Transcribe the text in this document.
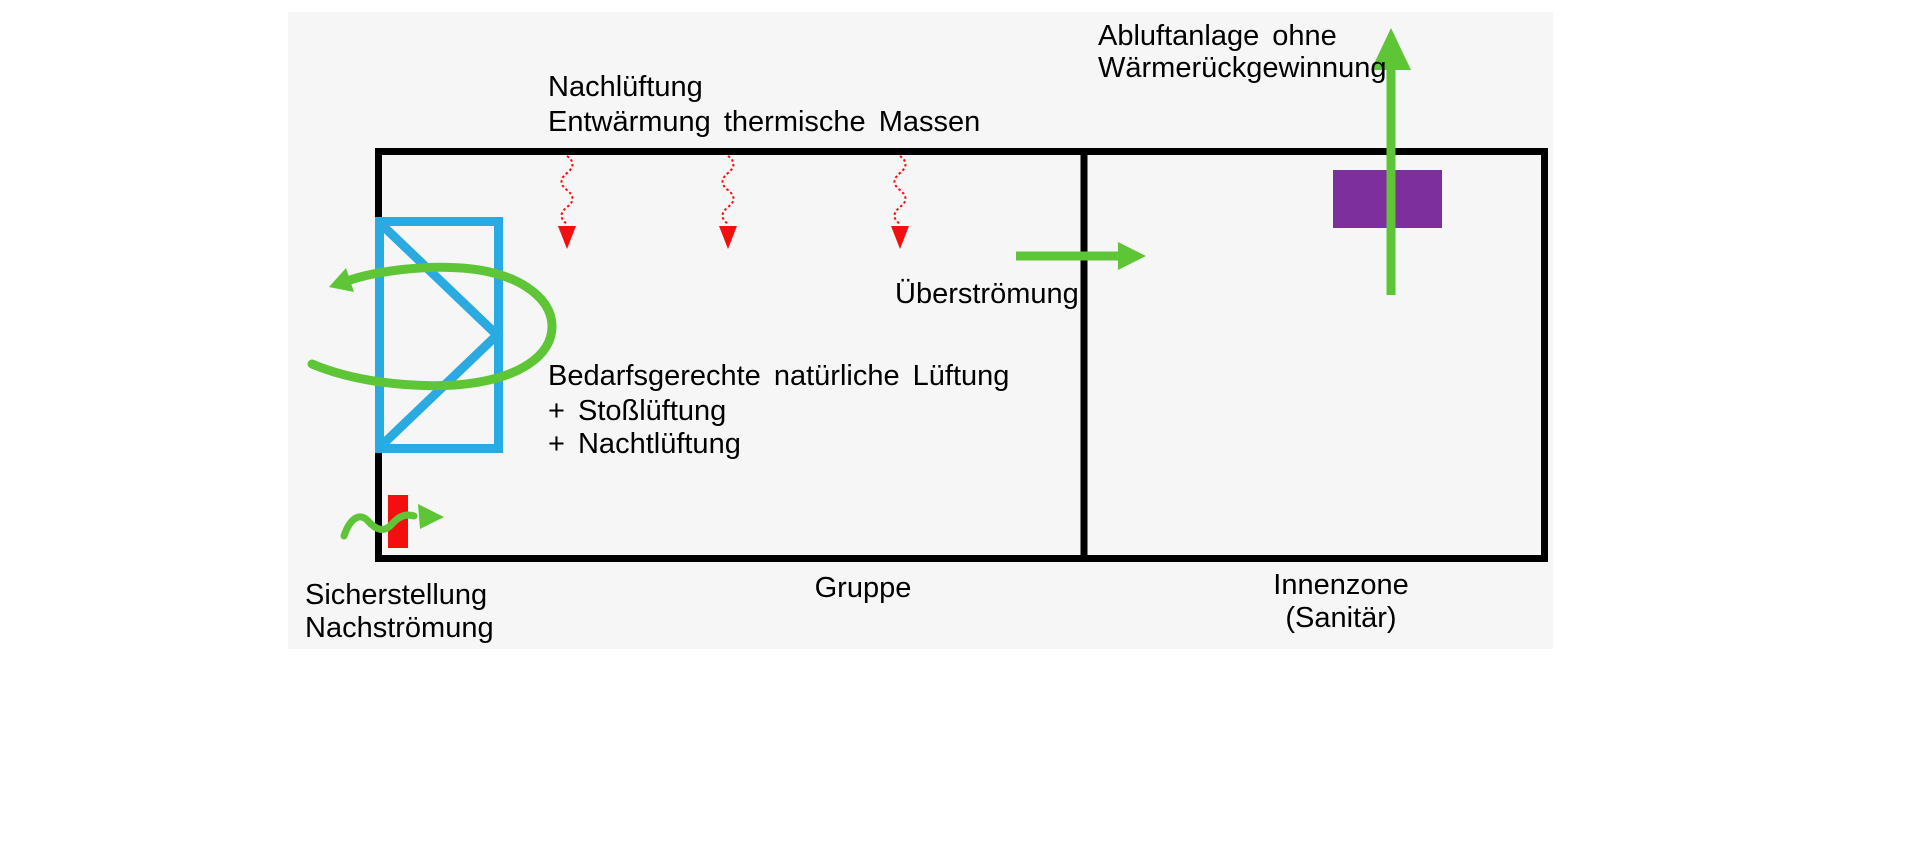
Nachlüftung
Entwärmung thermische Massen
Abluftanlage ohne
Wärmerückgewinnung
Bedarfsgerechte natürliche Lüftung
+ Stoßlüftung
+ Nachtlüftung
Überströmung
Sicherstellung
Nachströmung
Gruppe	Innenzone
(Sanitär)
